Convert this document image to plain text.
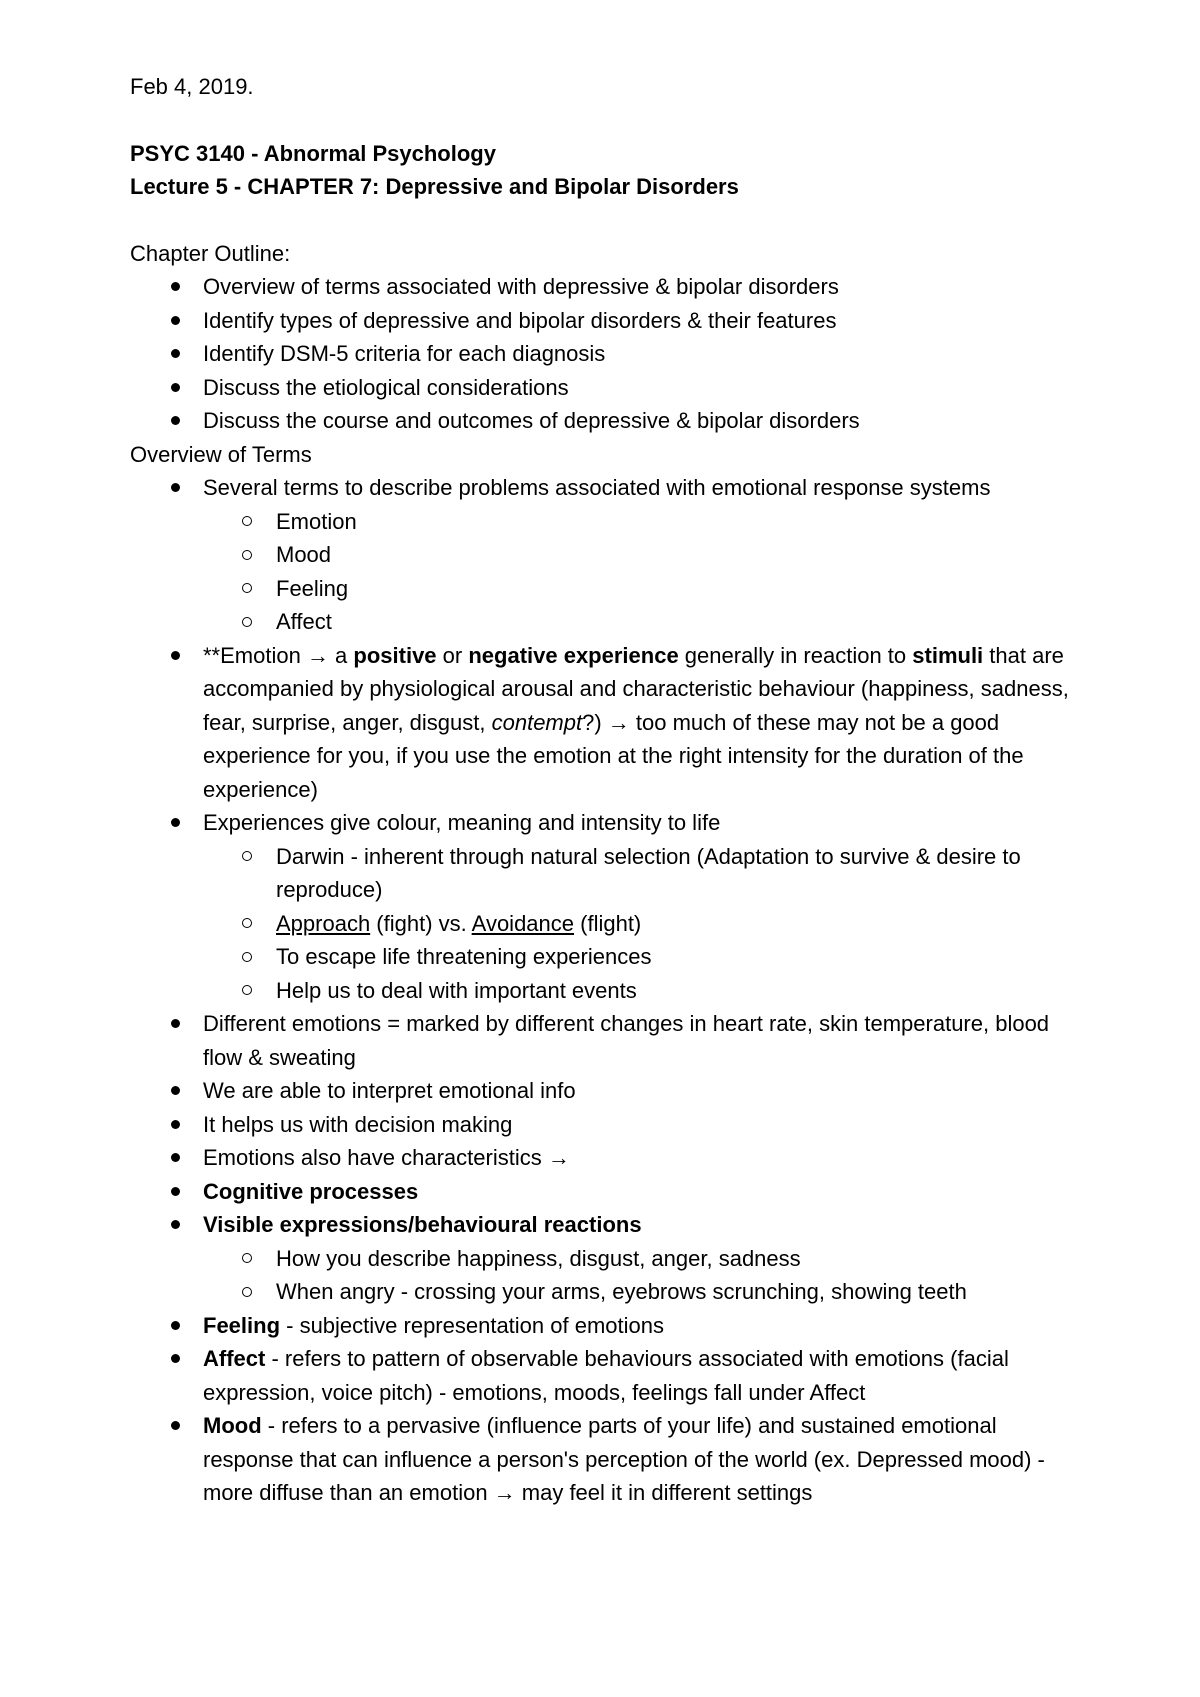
Feb 4, 2019.
PSYC 3140 - Abnormal Psychology
Lecture 5 - CHAPTER 7: Depressive and Bipolar Disorders
Chapter Outline:
Overview of terms associated with depressive & bipolar disorders
Identify types of depressive and bipolar disorders & their features
Identify DSM-5 criteria for each diagnosis
Discuss the etiological considerations
Discuss the course and outcomes of depressive & bipolar disorders
Overview of Terms
Several terms to describe problems associated with emotional response systems
Emotion
Mood
Feeling
Affect
**Emotion → a positive or negative experience generally in reaction to stimuli that are accompanied by physiological arousal and characteristic behaviour (happiness, sadness, fear, surprise, anger, disgust, contempt?) → too much of these may not be a good experience for you, if you use the emotion at the right intensity for the duration of the experience)
Experiences give colour, meaning and intensity to life
Darwin - inherent through natural selection (Adaptation to survive & desire to reproduce)
Approach (fight) vs. Avoidance (flight)
To escape life threatening experiences
Help us to deal with important events
Different emotions = marked by different changes in heart rate, skin temperature, blood flow & sweating
We are able to interpret emotional info
It helps us with decision making
Emotions also have characteristics →
Cognitive processes
Visible expressions/behavioural reactions
How you describe happiness, disgust, anger, sadness
When angry - crossing your arms, eyebrows scrunching, showing teeth
Feeling - subjective representation of emotions
Affect - refers to pattern of observable behaviours associated with emotions (facial expression, voice pitch) - emotions, moods, feelings fall under Affect
Mood - refers to a pervasive (influence parts of your life) and sustained emotional response that can influence a person's perception of the world (ex. Depressed mood) - more diffuse than an emotion → may feel it in different settings
